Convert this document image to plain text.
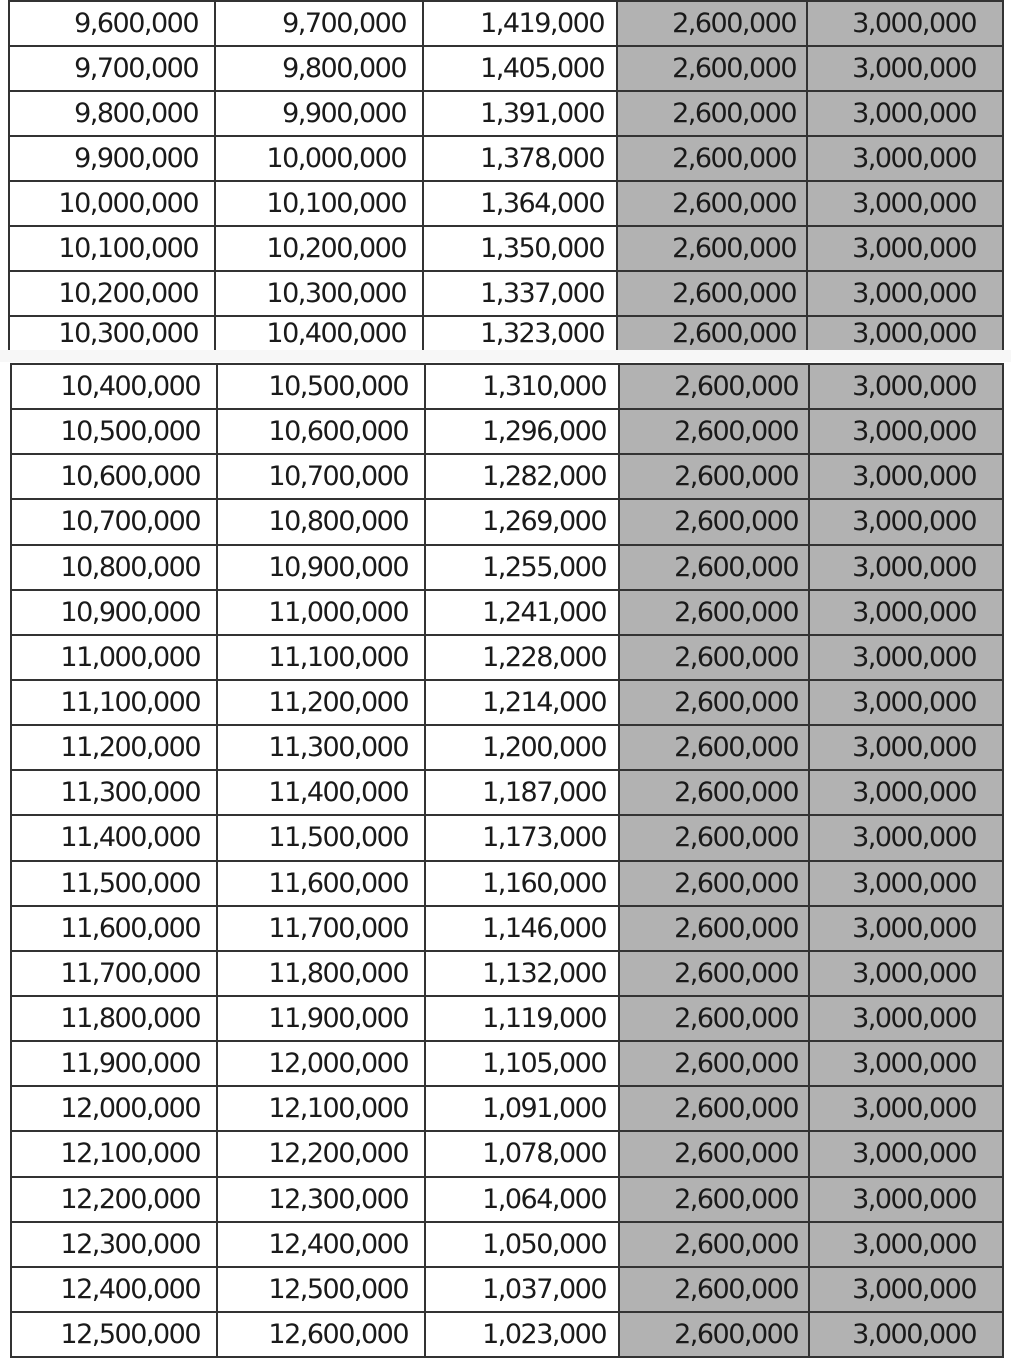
9,600,000	9,700,000	1,419,000	2,600,000	3,000,000
9,700,000	9,800,000	1,405,000	2,600,000	3,000,000
9,800,000	9,900,000	1,391,000	2,600,000	3,000,000
9,900,000	10,000,000	1,378,000	2,600,000	3,000,000
10,000,000	10,100,000	1,364,000	2,600,000	3,000,000
10,100,000	10,200,000	1,350,000	2,600,000	3,000,000
10,200,000	10,300,000	1,337,000	2,600,000	3,000,000
10,300,000	10,400,000	1,323,000	2,600,000	3,000,000
10,400,000	10,500,000	1,310,000	2,600,000	3,000,000
10,500,000	10,600,000	1,296,000	2,600,000	3,000,000
10,600,000	10,700,000	1,282,000	2,600,000	3,000,000
10,700,000	10,800,000	1,269,000	2,600,000	3,000,000
10,800,000	10,900,000	1,255,000	2,600,000	3,000,000
10,900,000	11,000,000	1,241,000	2,600,000	3,000,000
11,000,000	11,100,000	1,228,000	2,600,000	3,000,000
11,100,000	11,200,000	1,214,000	2,600,000	3,000,000
11,200,000	11,300,000	1,200,000	2,600,000	3,000,000
11,300,000	11,400,000	1,187,000	2,600,000	3,000,000
11,400,000	11,500,000	1,173,000	2,600,000	3,000,000
11,500,000	11,600,000	1,160,000	2,600,000	3,000,000
11,600,000	11,700,000	1,146,000	2,600,000	3,000,000
11,700,000	11,800,000	1,132,000	2,600,000	3,000,000
11,800,000	11,900,000	1,119,000	2,600,000	3,000,000
11,900,000	12,000,000	1,105,000	2,600,000	3,000,000
12,000,000	12,100,000	1,091,000	2,600,000	3,000,000
12,100,000	12,200,000	1,078,000	2,600,000	3,000,000
12,200,000	12,300,000	1,064,000	2,600,000	3,000,000
12,300,000	12,400,000	1,050,000	2,600,000	3,000,000
12,400,000	12,500,000	1,037,000	2,600,000	3,000,000
12,500,000	12,600,000	1,023,000	2,600,000	3,000,000
